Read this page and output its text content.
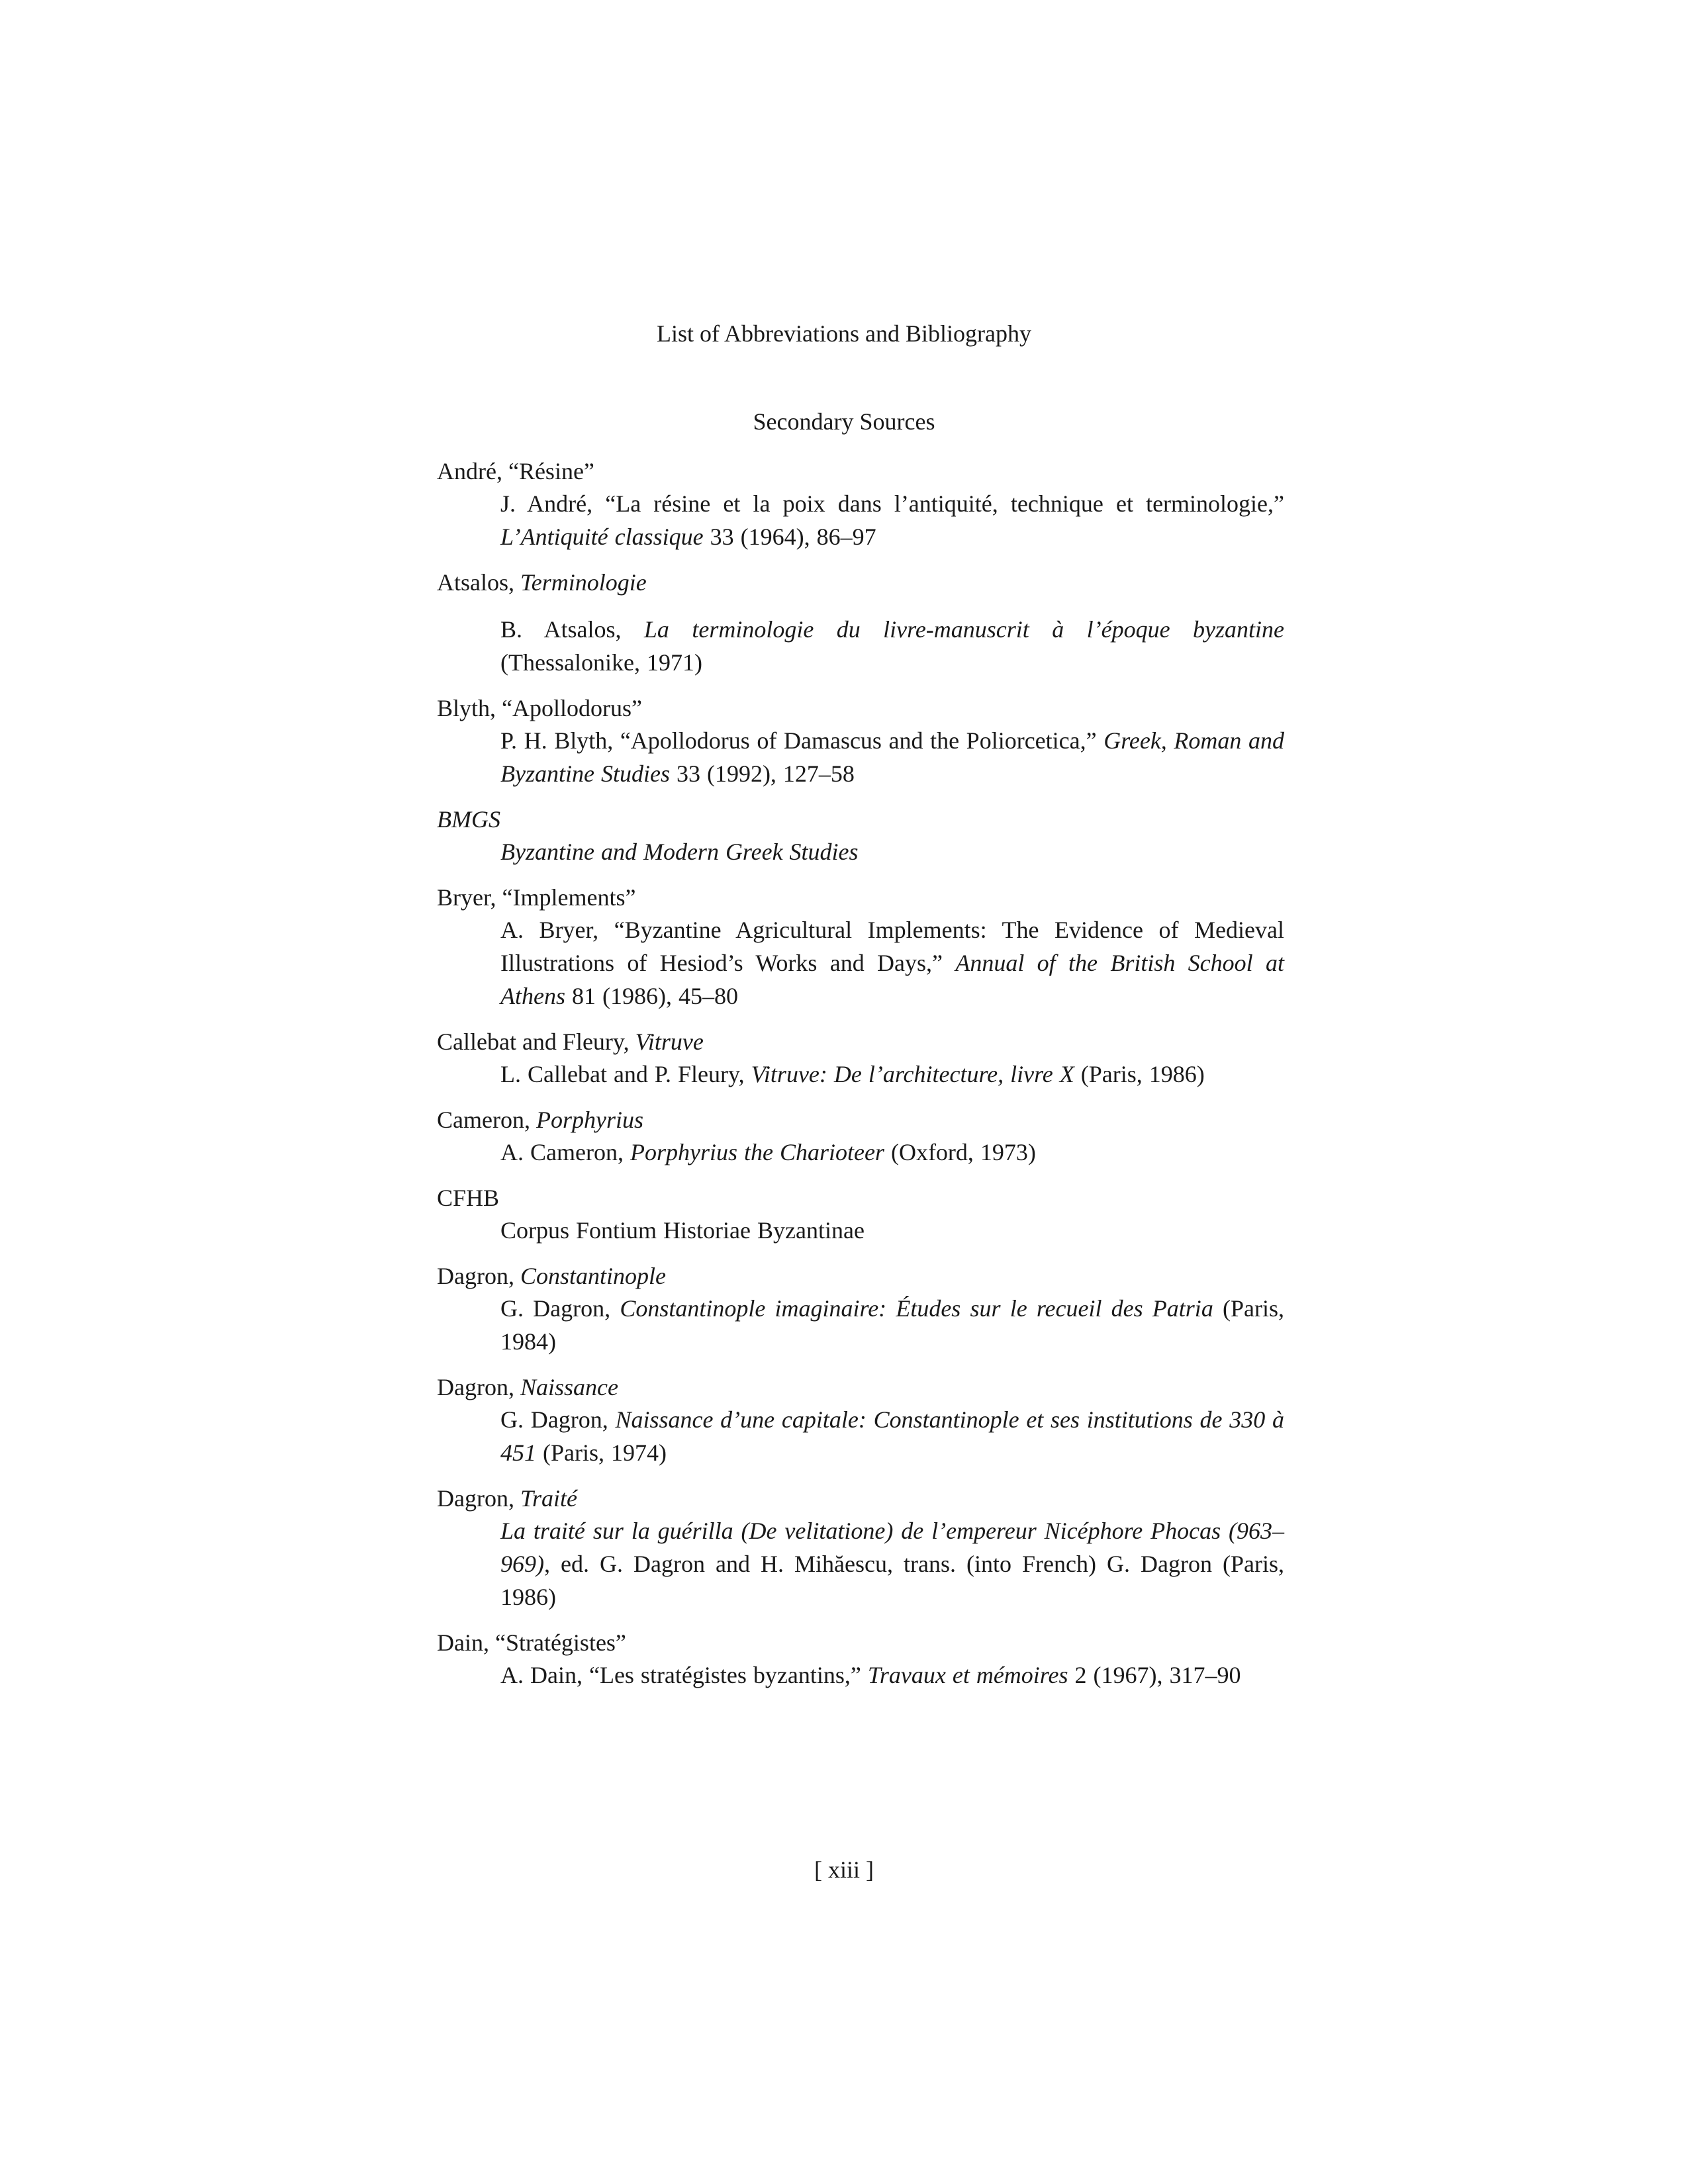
List of Abbreviations and Bibliography
Secondary Sources
André, “Résine”
J. André, “La résine et la poix dans l’antiquité, technique et terminologie,” L’Antiquité classique 33 (1964), 86–97
Atsalos, Terminologie
B. Atsalos, La terminologie du livre-manuscrit à l’époque byzantine (Thessalonike, 1971)
Blyth, “Apollodorus”
P. H. Blyth, “Apollodorus of Damascus and the Poliorcetica,” Greek, Roman and Byzantine Studies 33 (1992), 127–58
BMGS
Byzantine and Modern Greek Studies
Bryer, “Implements”
A. Bryer, “Byzantine Agricultural Implements: The Evidence of Medieval Illustrations of Hesiod’s Works and Days,” Annual of the British School at Athens 81 (1986), 45–80
Callebat and Fleury, Vitruve
L. Callebat and P. Fleury, Vitruve: De l’architecture, livre X (Paris, 1986)
Cameron, Porphyrius
A. Cameron, Porphyrius the Charioteer (Oxford, 1973)
CFHB
Corpus Fontium Historiae Byzantinae
Dagron, Constantinople
G. Dagron, Constantinople imaginaire: Études sur le recueil des Patria (Paris, 1984)
Dagron, Naissance
G. Dagron, Naissance d’une capitale: Constantinople et ses institutions de 330 à 451 (Paris, 1974)
Dagron, Traité
La traité sur la guérilla (De velitatione) de l’empereur Nicéphore Phocas (963–969), ed. G. Dagron and H. Mihăescu, trans. (into French) G. Dagron (Paris, 1986)
Dain, “Stratégistes”
A. Dain, “Les stratégistes byzantins,” Travaux et mémoires 2 (1967), 317–90
[ xiii ]
